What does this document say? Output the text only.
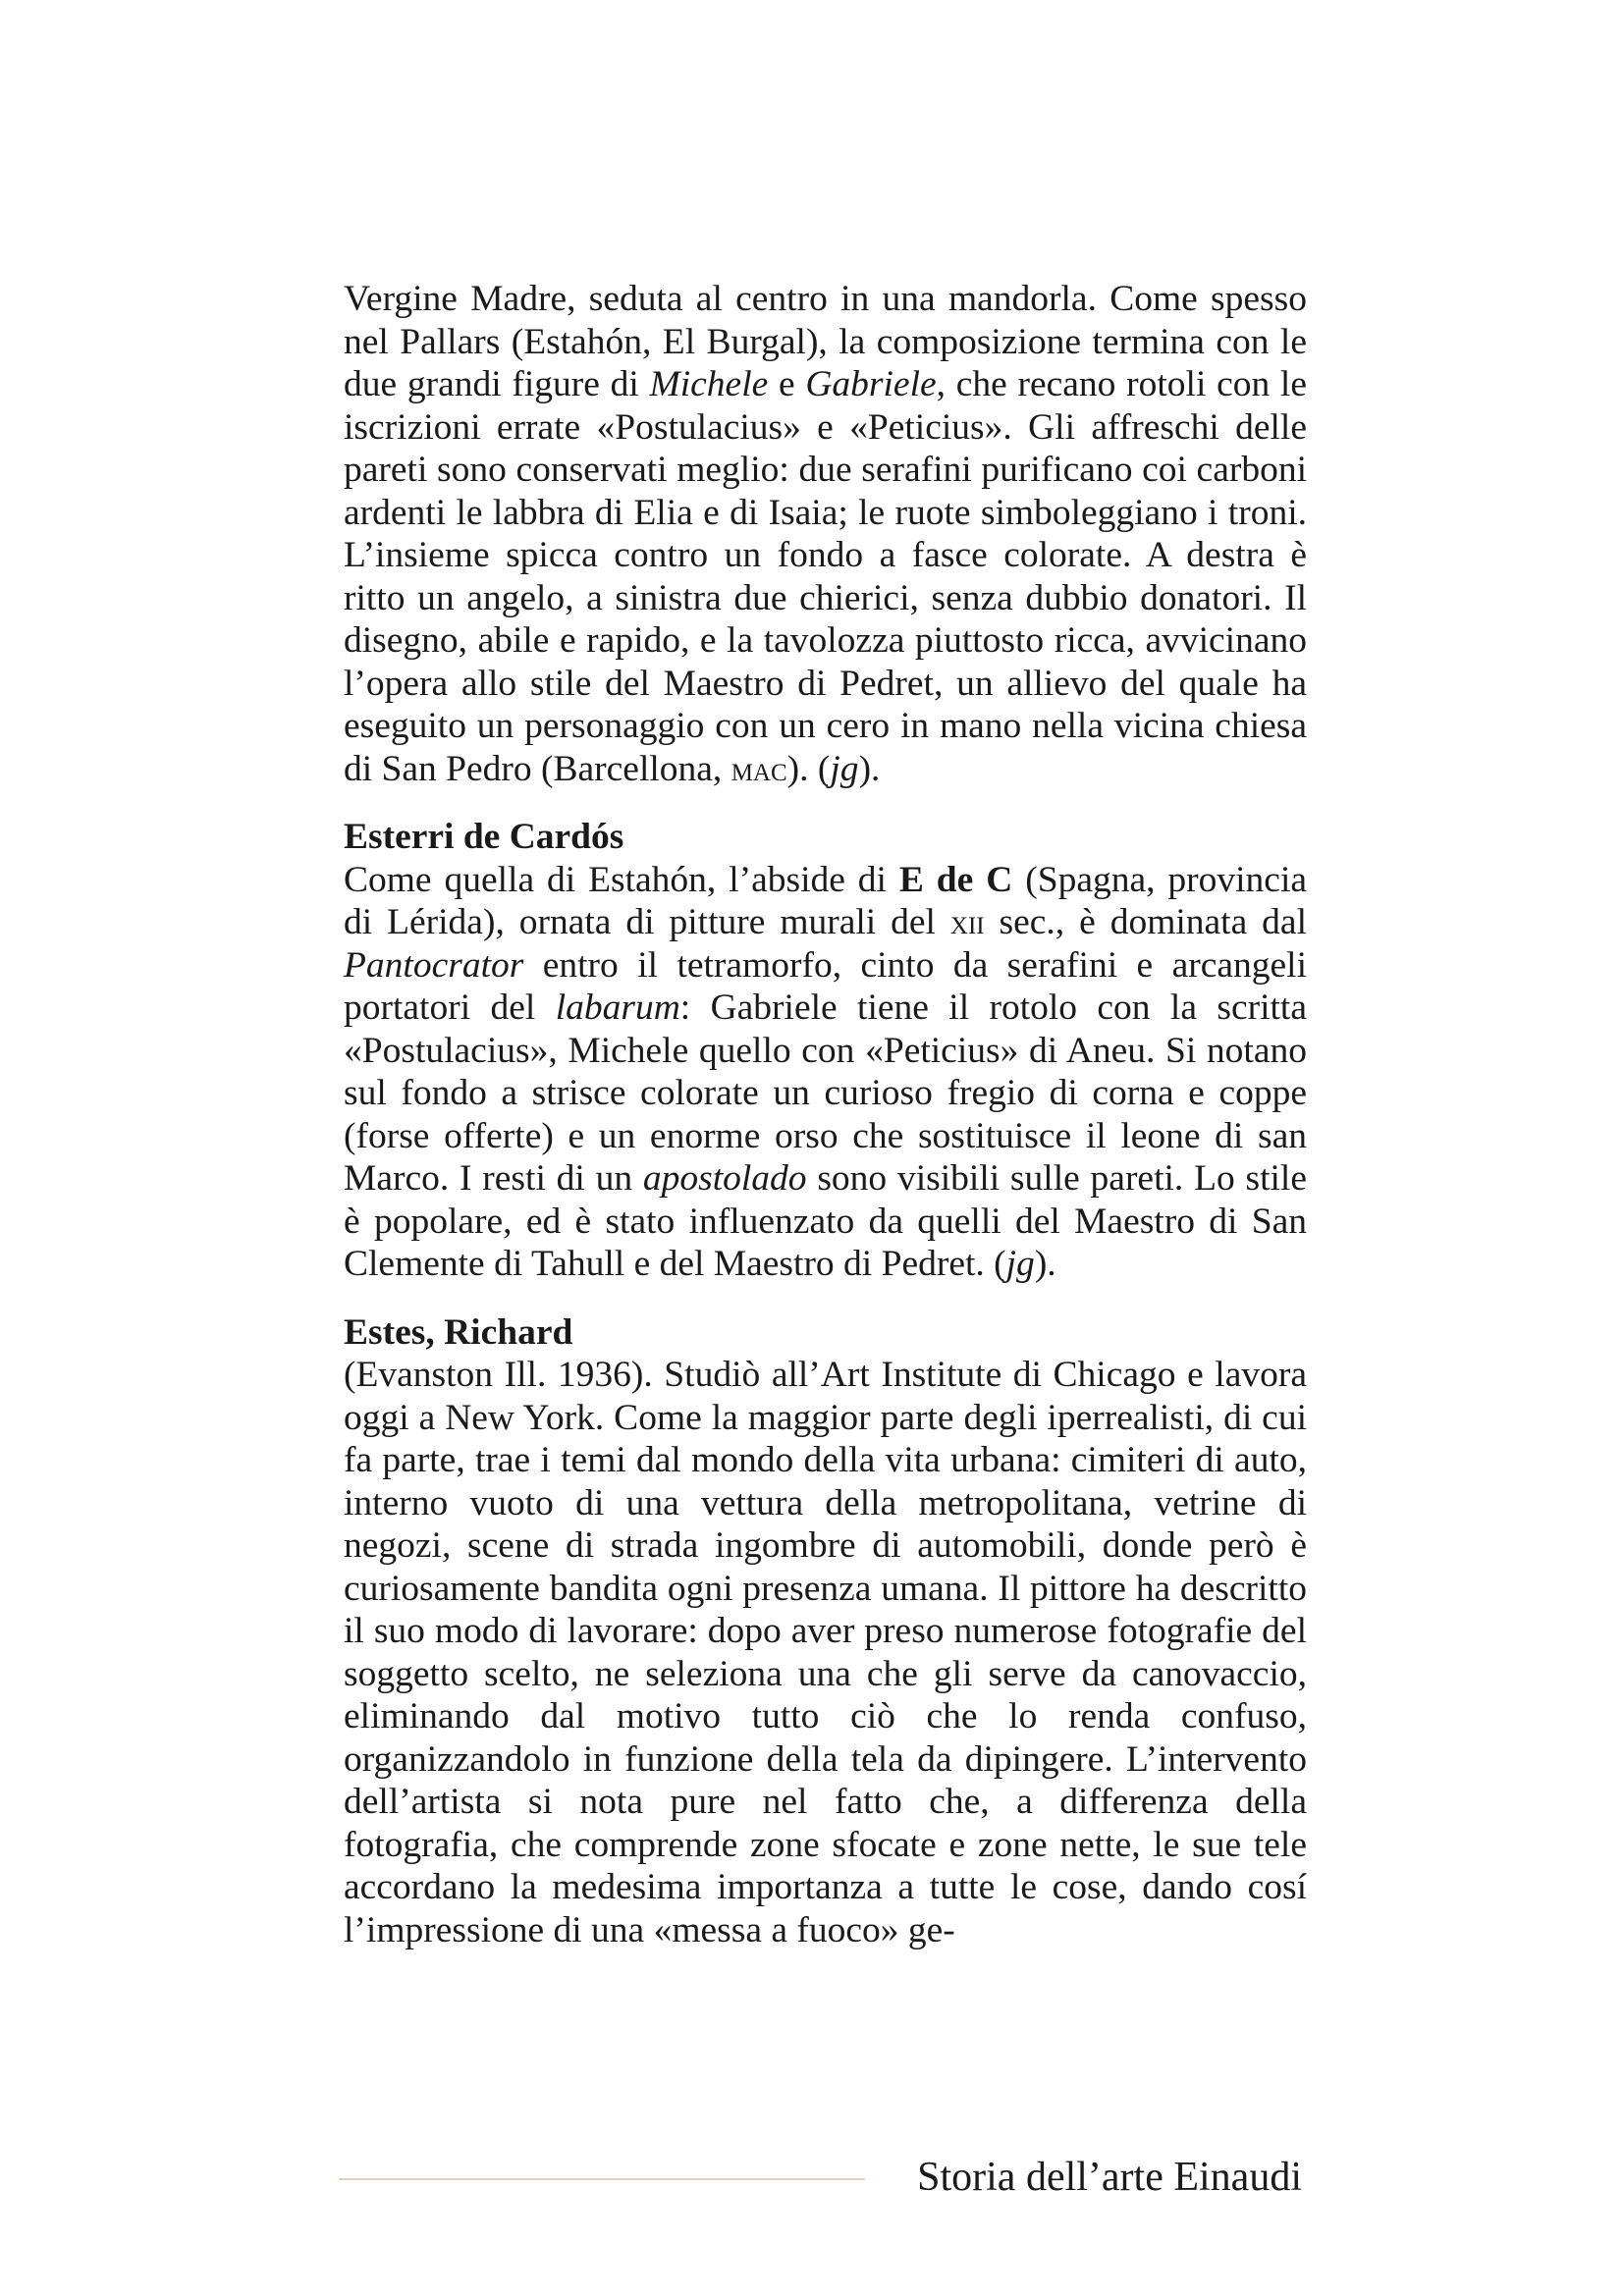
Vergine Madre, seduta al centro in una mandorla. Come spesso nel Pallars (Estahón, El Burgal), la composizione termina con le due grandi figure di Michele e Gabriele, che recano rotoli con le iscrizioni errate «Postulacius» e «Peticius». Gli affreschi delle pareti sono conservati meglio: due serafini purificano coi carboni ardenti le labbra di Elia e di Isaia; le ruote simboleggiano i troni. L’insieme spicca contro un fondo a fasce colorate. A destra è ritto un angelo, a sinistra due chierici, senza dubbio donatori. Il disegno, abile e rapido, e la tavolozza piuttosto ricca, avvicinano l’opera allo stile del Maestro di Pedret, un allievo del quale ha eseguito un personaggio con un cero in mano nella vicina chiesa di San Pedro (Barcellona, mac). (jg).

Esterri de Cardós

Come quella di Estahón, l’abside di E de C (Spagna, provincia di Lérida), ornata di pitture murali del xii sec., è dominata dal Pantocrator entro il tetramorfo, cinto da serafini e arcangeli portatori del labarum: Gabriele tiene il rotolo con la scritta «Postulacius», Michele quello con «Peticius» di Aneu. Si notano sul fondo a strisce colorate un curioso fregio di corna e coppe (forse offerte) e un enorme orso che sostituisce il leone di san Marco. I resti di un apostolado sono visibili sulle pareti. Lo stile è popolare, ed è stato influenzato da quelli del Maestro di San Clemente di Tahull e del Maestro di Pedret. (jg).

Estes, Richard

(Evanston Ill. 1936). Studiò all’Art Institute di Chicago e lavora oggi a New York. Come la maggior parte degli iperrealisti, di cui fa parte, trae i temi dal mondo della vita urbana: cimiteri di auto, interno vuoto di una vettura della metropolitana, vetrine di negozi, scene di strada ingombre di automobili, donde però è curiosamente bandita ogni presenza umana. Il pittore ha descritto il suo modo di lavorare: dopo aver preso numerose fotografie del soggetto scelto, ne seleziona una che gli serve da canovaccio, eliminando dal motivo tutto ciò che lo renda confuso, organizzandolo in funzione della tela da dipingere. L’intervento dell’artista si nota pure nel fatto che, a differenza della fotografia, che comprende zone sfocate e zone nette, le sue tele accordano la medesima importanza a tutte le cose, dando cosí l’impressione di una «messa a fuoco» ge-

Storia dell’arte Einaudi
